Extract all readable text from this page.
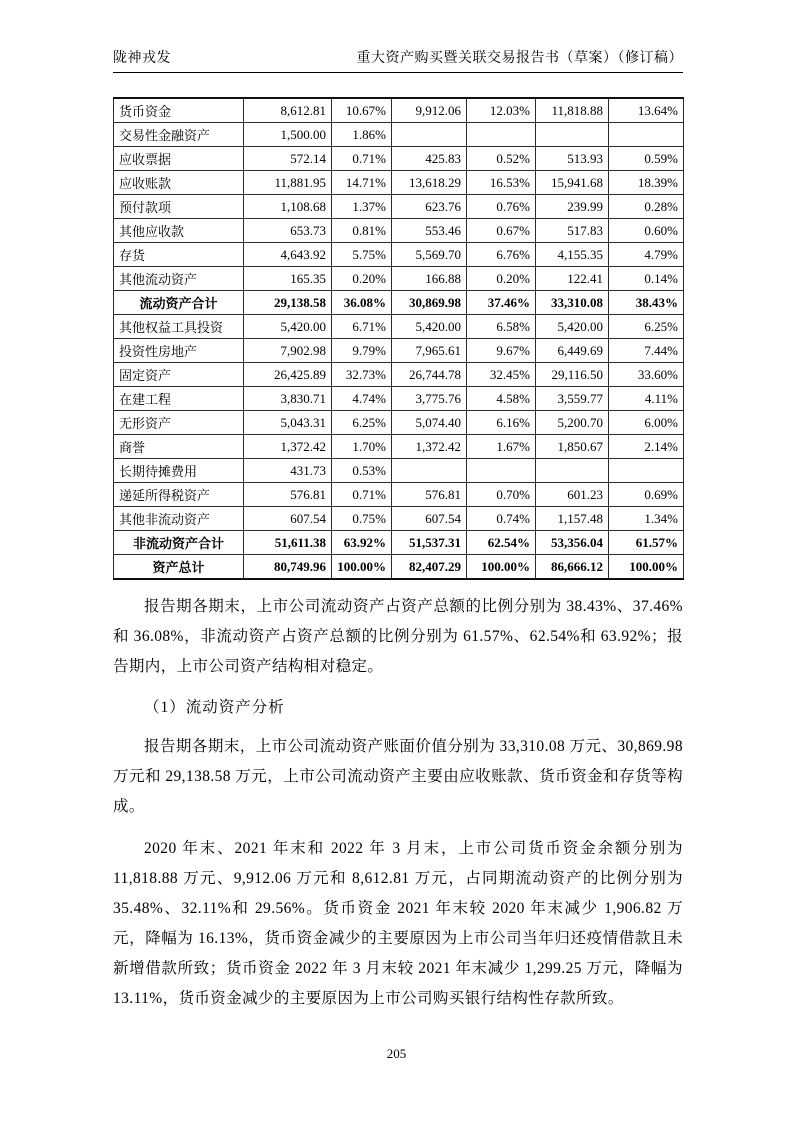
陇神戎发	重大资产购买暨关联交易报告书（草案）（修订稿）
货币资金	8,612.81	10.67%	9,912.06	12.03%	11,818.88	13.64%
交易性金融资产	1,500.00	1.86%				
应收票据	572.14	0.71%	425.83	0.52%	513.93	0.59%
应收账款	11,881.95	14.71%	13,618.29	16.53%	15,941.68	18.39%
预付款项	1,108.68	1.37%	623.76	0.76%	239.99	0.28%
其他应收款	653.73	0.81%	553.46	0.67%	517.83	0.60%
存货	4,643.92	5.75%	5,569.70	6.76%	4,155.35	4.79%
其他流动资产	165.35	0.20%	166.88	0.20%	122.41	0.14%
流动资产合计	29,138.58	36.08%	30,869.98	37.46%	33,310.08	38.43%
其他权益工具投资	5,420.00	6.71%	5,420.00	6.58%	5,420.00	6.25%
投资性房地产	7,902.98	9.79%	7,965.61	9.67%	6,449.69	7.44%
固定资产	26,425.89	32.73%	26,744.78	32.45%	29,116.50	33.60%
在建工程	3,830.71	4.74%	3,775.76	4.58%	3,559.77	4.11%
无形资产	5,043.31	6.25%	5,074.40	6.16%	5,200.70	6.00%
商誉	1,372.42	1.70%	1,372.42	1.67%	1,850.67	2.14%
长期待摊费用	431.73	0.53%				
递延所得税资产	576.81	0.71%	576.81	0.70%	601.23	0.69%
其他非流动资产	607.54	0.75%	607.54	0.74%	1,157.48	1.34%
非流动资产合计	51,611.38	63.92%	51,537.31	62.54%	53,356.04	61.57%
资产总计	80,749.96	100.00%	82,407.29	100.00%	86,666.12	100.00%

报告期各期末，上市公司流动资产占资产总额的比例分别为 38.43%、37.46% 和 36.08%，非流动资产占资产总额的比例分别为 61.57%、62.54%和 63.92%；报告期内，上市公司资产结构相对稳定。

（1）流动资产分析

报告期各期末，上市公司流动资产账面价值分别为 33,310.08 万元、30,869.98 万元和 29,138.58 万元，上市公司流动资产主要由应收账款、货币资金和存货等构成。

2020 年末、2021 年末和 2022 年 3 月末，上市公司货币资金余额分别为 11,818.88 万元、9,912.06 万元和 8,612.81 万元，占同期流动资产的比例分别为 35.48%、32.11%和 29.56%。货币资金 2021 年末较 2020 年末减少 1,906.82 万元，降幅为 16.13%，货币资金减少的主要原因为上市公司当年归还疫情借款且未新增借款所致；货币资金 2022 年 3 月末较 2021 年末减少 1,299.25 万元，降幅为 13.11%，货币资金减少的主要原因为上市公司购买银行结构性存款所致。

205
